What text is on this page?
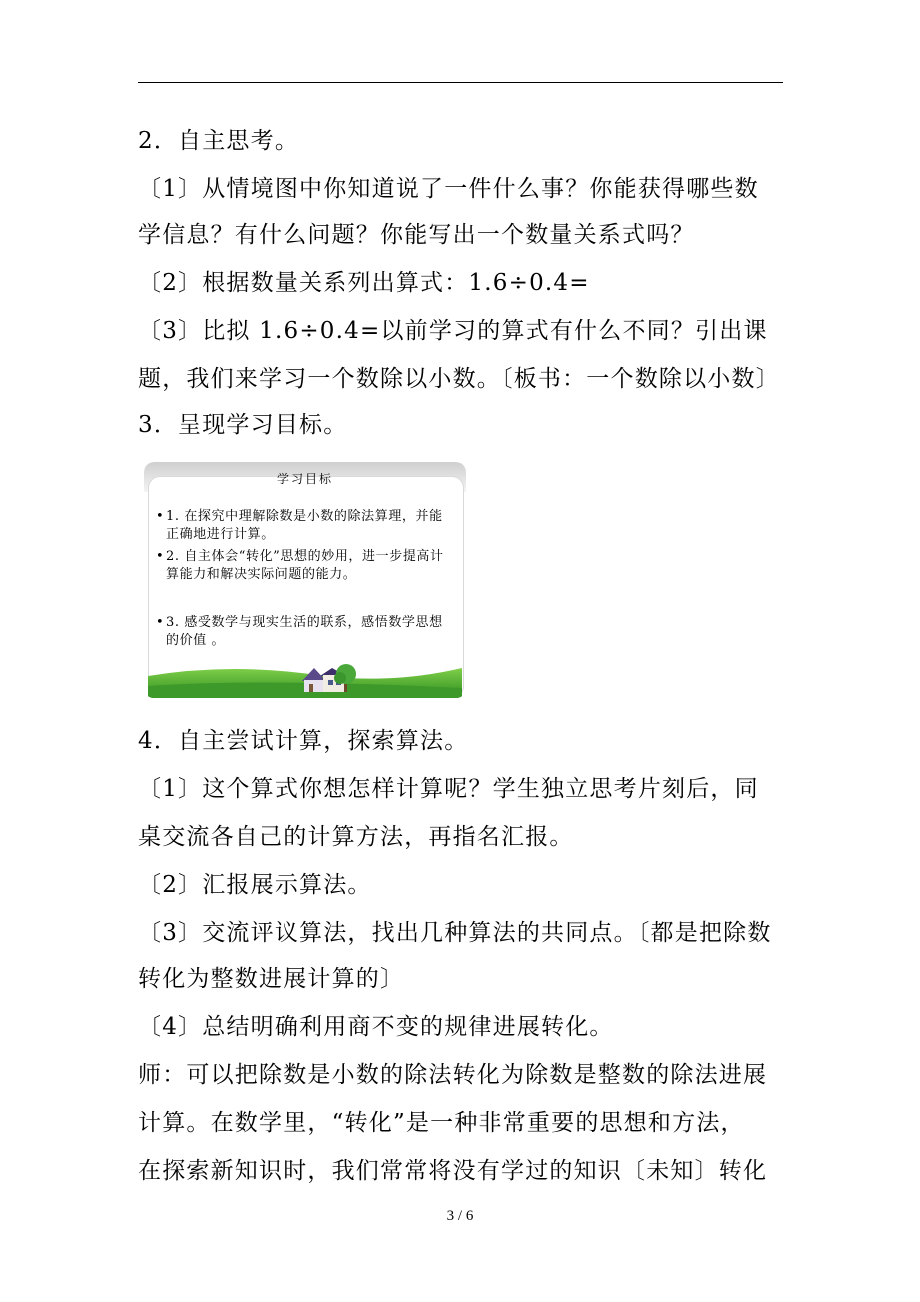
2．自主思考。
〔1〕从情境图中你知道说了一件什么事？你能获得哪些数
学信息？有什么问题？你能写出一个数量关系式吗？
〔2〕根据数量关系列出算式：1.6÷0.4=
〔3〕比拟 1.6÷0.4=以前学习的算式有什么不同？引出课
题，我们来学习一个数除以小数。〔板书：一个数除以小数〕
3．呈现学习目标。
学习目标
• 1. 在探究中理解除数是小数的除法算理，并能正确地进行计算。
• 2. 自主体会“转化”思想的妙用，进一步提高计算能力和解决实际问题的能力。
• 3. 感受数学与现实生活的联系，感悟数学思想的价值 。
4．自主尝试计算，探索算法。
〔1〕这个算式你想怎样计算呢？学生独立思考片刻后，同
桌交流各自己的计算方法，再指名汇报。
〔2〕汇报展示算法。
〔3〕交流评议算法，找出几种算法的共同点。〔都是把除数
转化为整数进展计算的〕
〔4〕总结明确利用商不变的规律进展转化。
师：可以把除数是小数的除法转化为除数是整数的除法进展
计算。在数学里，“转化”是一种非常重要的思想和方法，
在探索新知识时，我们常常将没有学过的知识〔未知〕转化
3 / 6
